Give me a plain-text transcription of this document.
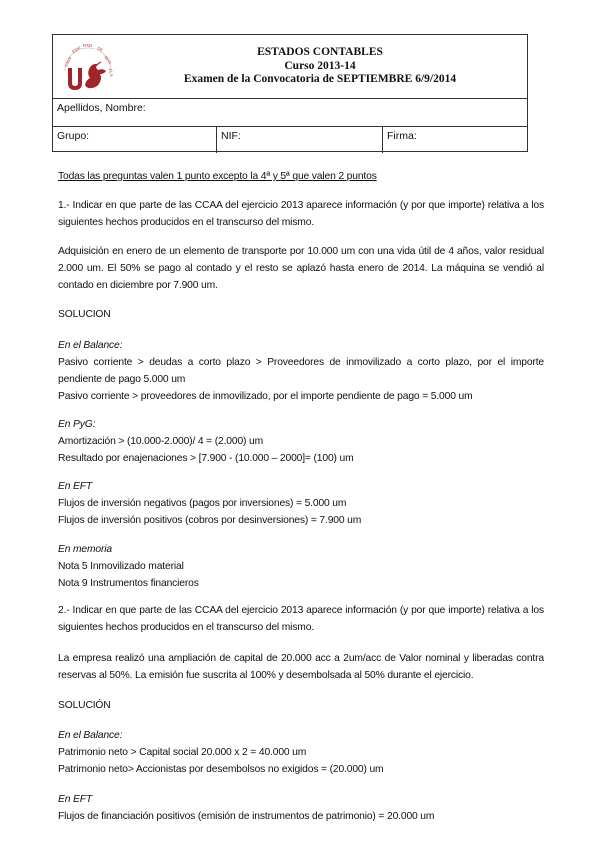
UNIV
ERSI DAD
DE
SEVI
LLA
ESTADOS CONTABLES
Curso 2013-14
Examen de la Convocatoria de SEPTIEMBRE 6/9/2014
Apellidos, Nombre:
Grupo:	NIF:	Firma:

Todas las preguntas valen 1 punto excepto la 4ª y 5ª que valen 2 puntos

1.- Indicar en que parte de las CCAA del ejercicio 2013 aparece información (y por que importe) relativa a los siguientes hechos producidos en el transcurso del mismo.

Adquisición en enero de un elemento de transporte por 10.000 um con una vida útil de 4 años, valor residual 2.000 um. El 50% se pago al contado y el resto se aplazó hasta enero de 2014. La máquina se vendió al contado en diciembre por 7.900 um.

SOLUCION

En el Balance:

Pasivo corriente > deudas a corto plazo > Proveedores de inmovilizado a corto plazo, por el importe pendiente de pago 5.000 um

Pasivo corriente > proveedores de inmovilizado, por el importe pendiente de pago = 5.000 um

En PyG:

Amortización > (10.000-2.000)/ 4 = (2.000) um

Resultado por enajenaciones > [7.900 - (10.000 – 2000]= (100) um

En EFT

Flujos de inversión negativos (pagos por inversiones) = 5.000 um

Flujos de inversión positivos (cobros por desinversiones) = 7.900 um

En memoria

Nota 5 Inmovilizado material

Nota 9 Instrumentos financieros

2.- Indicar en que parte de las CCAA del ejercicio 2013 aparece información (y por que importe) relativa a los siguientes hechos producidos en el transcurso del mismo.

La empresa realizó una ampliación de capital de 20.000 acc a 2um/acc de Valor nominal y liberadas contra reservas al 50%. La emisión fue suscrita al 100% y desembolsada al 50% durante el ejercicio.

SOLUCIÓN

En el Balance:

Patrimonio neto > Capital social 20.000 x 2 = 40.000 um

Patrimonio neto> Accionistas por desembolsos no exigidos = (20.000) um

En EFT

Flujos de financiación positivos (emisión de instrumentos de patrimonio) = 20.000 um
